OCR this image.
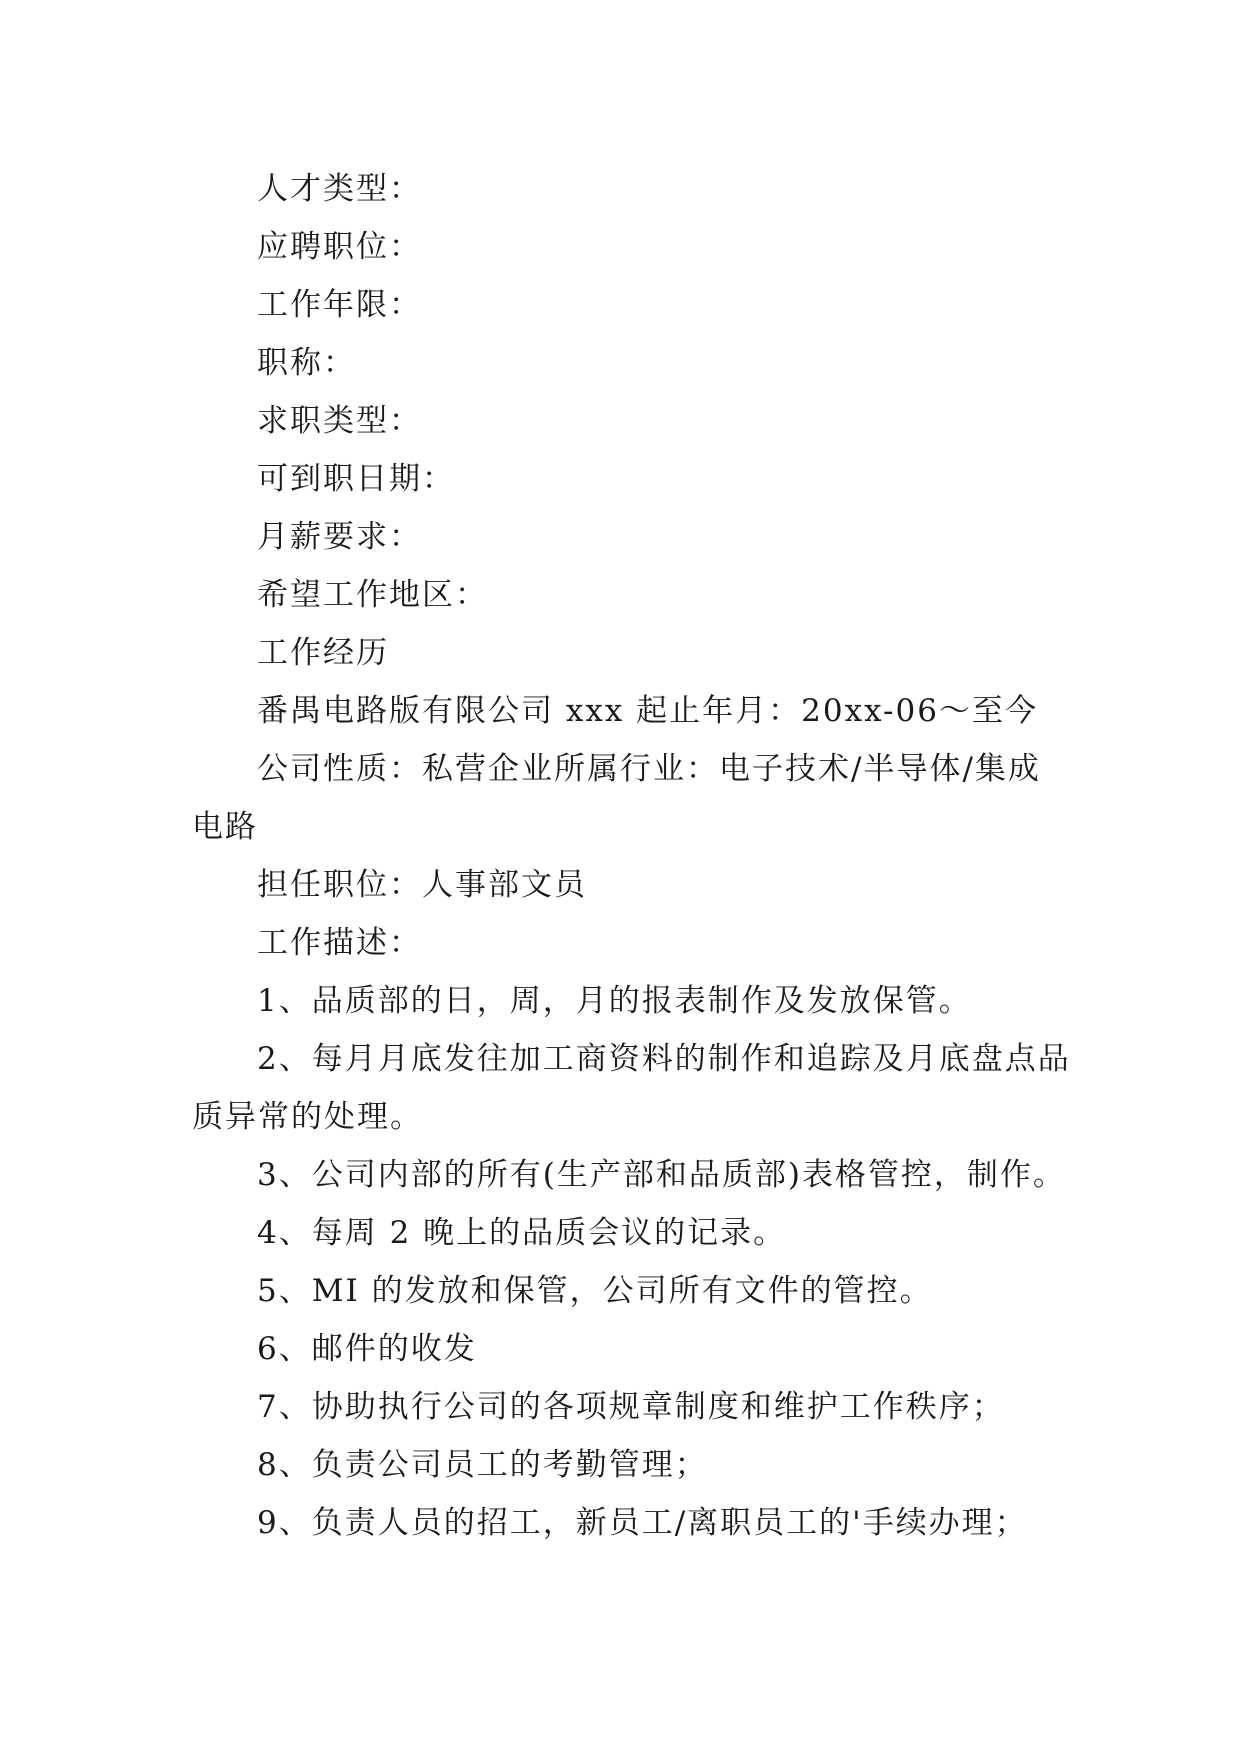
人才类型：

应聘职位：

工作年限：

职称：

求职类型：

可到职日期：

月薪要求：

希望工作地区：

工作经历

番禺电路版有限公司 xxx 起止年月：20xx-06～至今

公司性质：私营企业所属行业：电子技术/半导体/集成电路

担任职位：人事部文员

工作描述：

1、品质部的日，周，月的报表制作及发放保管。

2、每月月底发往加工商资料的制作和追踪及月底盘点品质异常的处理。

3、公司内部的所有(生产部和品质部)表格管控，制作。

4、每周 2 晚上的品质会议的记录。

5、MI 的发放和保管，公司所有文件的管控。

6、邮件的收发

7、协助执行公司的各项规章制度和维护工作秩序；

8、负责公司员工的考勤管理；

9、负责人员的招工，新员工/离职员工的'手续办理；
